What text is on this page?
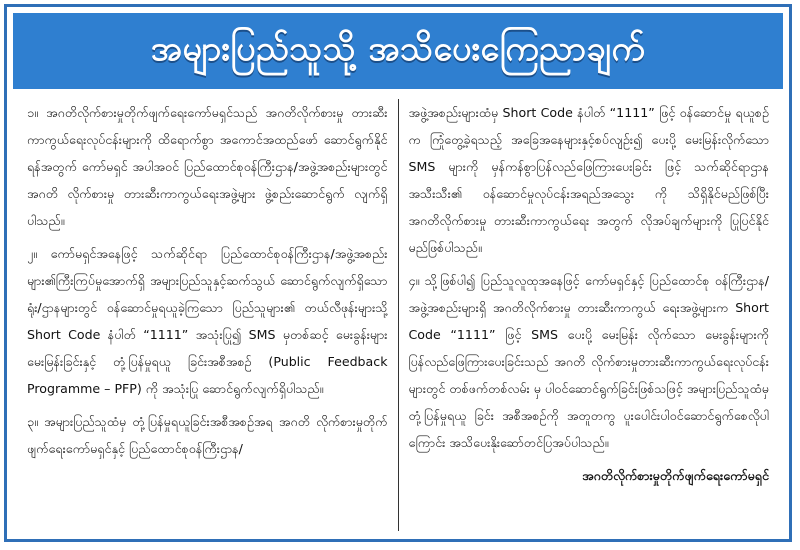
အများပြည်သူသို့ အသိပေးကြေညာချက်

၁။ အဂတိလိုက်စားမှုတိုက်ဖျက်ရေးကော်မရှင်သည် အဂတိလိုက်စားမှု တားဆီးကာကွယ်ရေးလုပ်ငန်းများကို ထိရောက်စွာ အကောင်အထည်ဖော် ဆောင်ရွက်နိုင်ရန်အတွက် ကော်မရှင် အပါအဝင် ပြည်ထောင်စုဝန်ကြီးဌာန/အဖွဲ့အစည်းများတွင် အဂတိ လိုက်စားမှု တားဆီးကာကွယ်ရေးအဖွဲ့များ ဖွဲ့စည်းဆောင်ရွက် လျက်ရှိပါသည်။

၂။ ကော်မရှင်အနေဖြင့် သက်ဆိုင်ရာ ပြည်ထောင်စုဝန်ကြီးဌာန/အဖွဲ့အစည်းများ၏ကြီးကြပ်မှုအောက်ရှိ အများပြည်သူနှင့်ဆက်သွယ် ဆောင်ရွက်လျက်ရှိသော ရုံး/ဌာနများတွင် ဝန်ဆောင်မှုရယူခဲ့ကြသော ပြည်သူများ၏ တယ်လီဖုန်းများသို့ Short Code နံပါတ် “1111” အသုံးပြု၍ SMS မှတစ်ဆင့် မေးခွန်းများမေးမြန်းခြင်းနှင့် တုံ့ပြန်မှုရယူ ခြင်းအစီအစဉ် (Public Feedback Programme – PFP) ကို အသုံးပြု ဆောင်ရွက်လျက်ရှိပါသည်။

၃။ အများပြည်သူထံမှ တုံ့ပြန်မှုရယူခြင်းအစီအစဉ်အရ အဂတိ လိုက်စားမှုတိုက်ဖျက်ရေးကော်မရှင်နှင့် ပြည်ထောင်စုဝန်ကြီးဌာန/

အဖွဲ့အစည်းများထံမှ Short Code နံပါတ် “1111” ဖြင့် ဝန်ဆောင်မှု ရယူစဉ်က ကြုံတွေ့ခဲ့ရသည့် အခြေအနေများနှင့်စပ်လျဉ်း၍ ပေးပို့ မေးမြန်းလိုက်သော SMS များကို မှန်ကန်စွာပြန်လည်ဖြေကြားပေးခြင်း ဖြင့် သက်ဆိုင်ရာဌာနအသီးသီး၏ ဝန်ဆောင်မှုလုပ်ငန်းအရည်အသွေး ကို သိရှိနိုင်မည်ဖြစ်ပြီး အဂတိလိုက်စားမှု တားဆီးကာကွယ်ရေး အတွက် လိုအပ်ချက်များကို ပြုပြင်နိုင်မည်ဖြစ်ပါသည်။

၄။ သို့ဖြစ်ပါ၍ ပြည်သူလူထုအနေဖြင့် ကော်မရှင်နှင့် ပြည်ထောင်စု ဝန်ကြီးဌာန/အဖွဲ့အစည်းများရှိ အဂတိလိုက်စားမှု တားဆီးကာကွယ် ရေးအဖွဲ့များက Short Code “1111” ဖြင့် SMS ပေးပို့ မေးမြန်း လိုက်သော မေးခွန်းများကို ပြန်လည်ဖြေကြားပေးခြင်းသည် အဂတိ လိုက်စားမှုတားဆီးကာကွယ်ရေးလုပ်ငန်းများတွင် တစ်ဖက်တစ်လမ်း မှ ပါဝင်ဆောင်ရွက်ခြင်းဖြစ်သဖြင့် အများပြည်သူထံမှ တုံ့ပြန်မှုရယူ ခြင်း အစီအစဉ်ကို အတူတကွ ပူးပေါင်းပါဝင်ဆောင်ရွက်စေလိုပါ ကြောင်း အသိပေးနိုးဆော်တင်ပြအပ်ပါသည်။

အဂတိလိုက်စားမှုတိုက်ဖျက်ရေးကော်မရှင်
